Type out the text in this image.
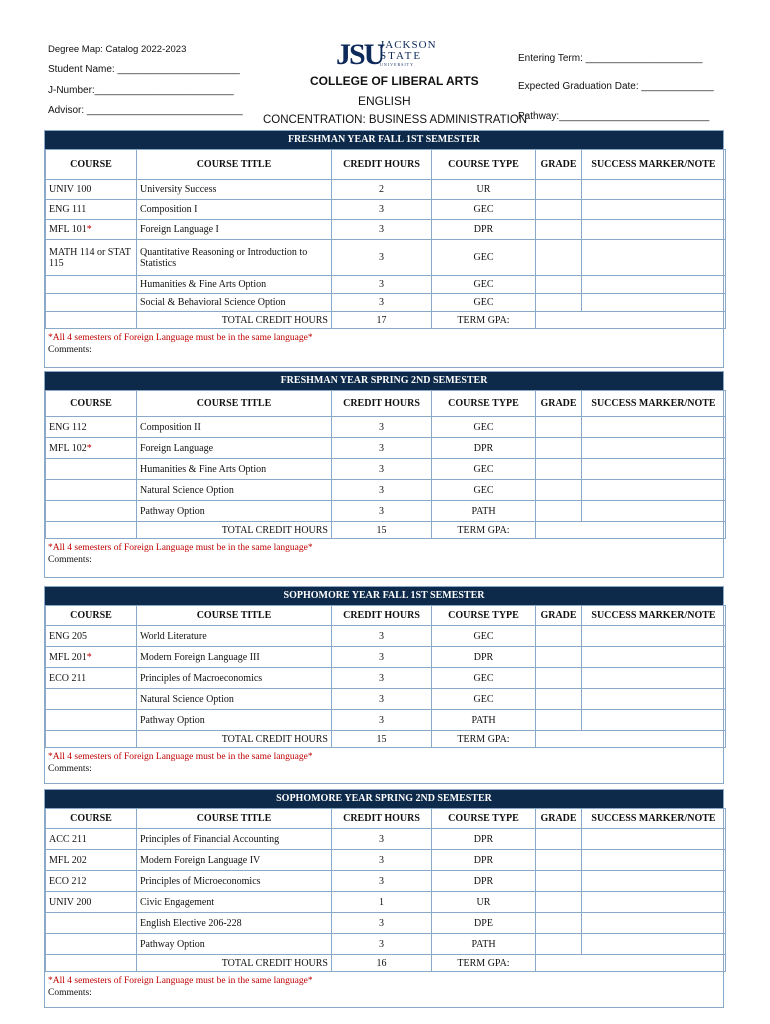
Degree Map: Catalog 2022-2023
Student Name: ______________________
J-Number:_________________________
Advisor: ____________________________
JSU
JACKSON
STATE
UNIVERSITY
COLLEGE OF LIBERAL ARTS
ENGLISH
CONCENTRATION: BUSINESS ADMINISTRATION
Entering Term: _____________________
Expected Graduation Date: _____________
Pathway:___________________________
FRESHMAN YEAR FALL 1ST SEMESTER
COURSE	COURSE TITLE	CREDIT HOURS	COURSE TYPE	GRADE	SUCCESS MARKER/NOTE
UNIV 100	University Success	2	UR		
ENG 111	Composition I	3	GEC		
MFL 101*	Foreign Language I	3	DPR		
MATH 114 or STAT 115	Quantitative Reasoning or Introduction to Statistics	3	GEC		
	Humanities & Fine Arts Option	3	GEC		
	Social & Behavioral Science Option	3	GEC		
	TOTAL CREDIT HOURS	17	TERM GPA:		
*All 4 semesters of Foreign Language must be in the same language*
Comments:
FRESHMAN YEAR SPRING 2ND SEMESTER
COURSE	COURSE TITLE	CREDIT HOURS	COURSE TYPE	GRADE	SUCCESS MARKER/NOTE
ENG 112	Composition II	3	GEC		
MFL 102*	Foreign Language	3	DPR		
	Humanities & Fine Arts Option	3	GEC		
	Natural Science Option	3	GEC		
	Pathway Option	3	PATH		
	TOTAL CREDIT HOURS	15	TERM GPA:		
*All 4 semesters of Foreign Language must be in the same language*
Comments:
SOPHOMORE YEAR FALL 1ST SEMESTER
COURSE	COURSE TITLE	CREDIT HOURS	COURSE TYPE	GRADE	SUCCESS MARKER/NOTE
ENG 205	World Literature	3	GEC		
MFL 201*	Modern Foreign Language III	3	DPR		
ECO 211	Principles of Macroeconomics	3	GEC		
	Natural Science Option	3	GEC		
	Pathway Option	3	PATH		
	TOTAL CREDIT HOURS	15	TERM GPA:		
*All 4 semesters of Foreign Language must be in the same language*
Comments:
SOPHOMORE YEAR SPRING 2ND SEMESTER
COURSE	COURSE TITLE	CREDIT HOURS	COURSE TYPE	GRADE	SUCCESS MARKER/NOTE
ACC 211	Principles of Financial Accounting	3	DPR		
MFL 202	Modern Foreign Language IV	3	DPR		
ECO 212	Principles of Microeconomics	3	DPR		
UNIV 200	Civic Engagement	1	UR		
	English Elective 206-228	3	DPE		
	Pathway Option	3	PATH		
	TOTAL CREDIT HOURS	16	TERM GPA:		
*All 4 semesters of Foreign Language must be in the same language*
Comments:
